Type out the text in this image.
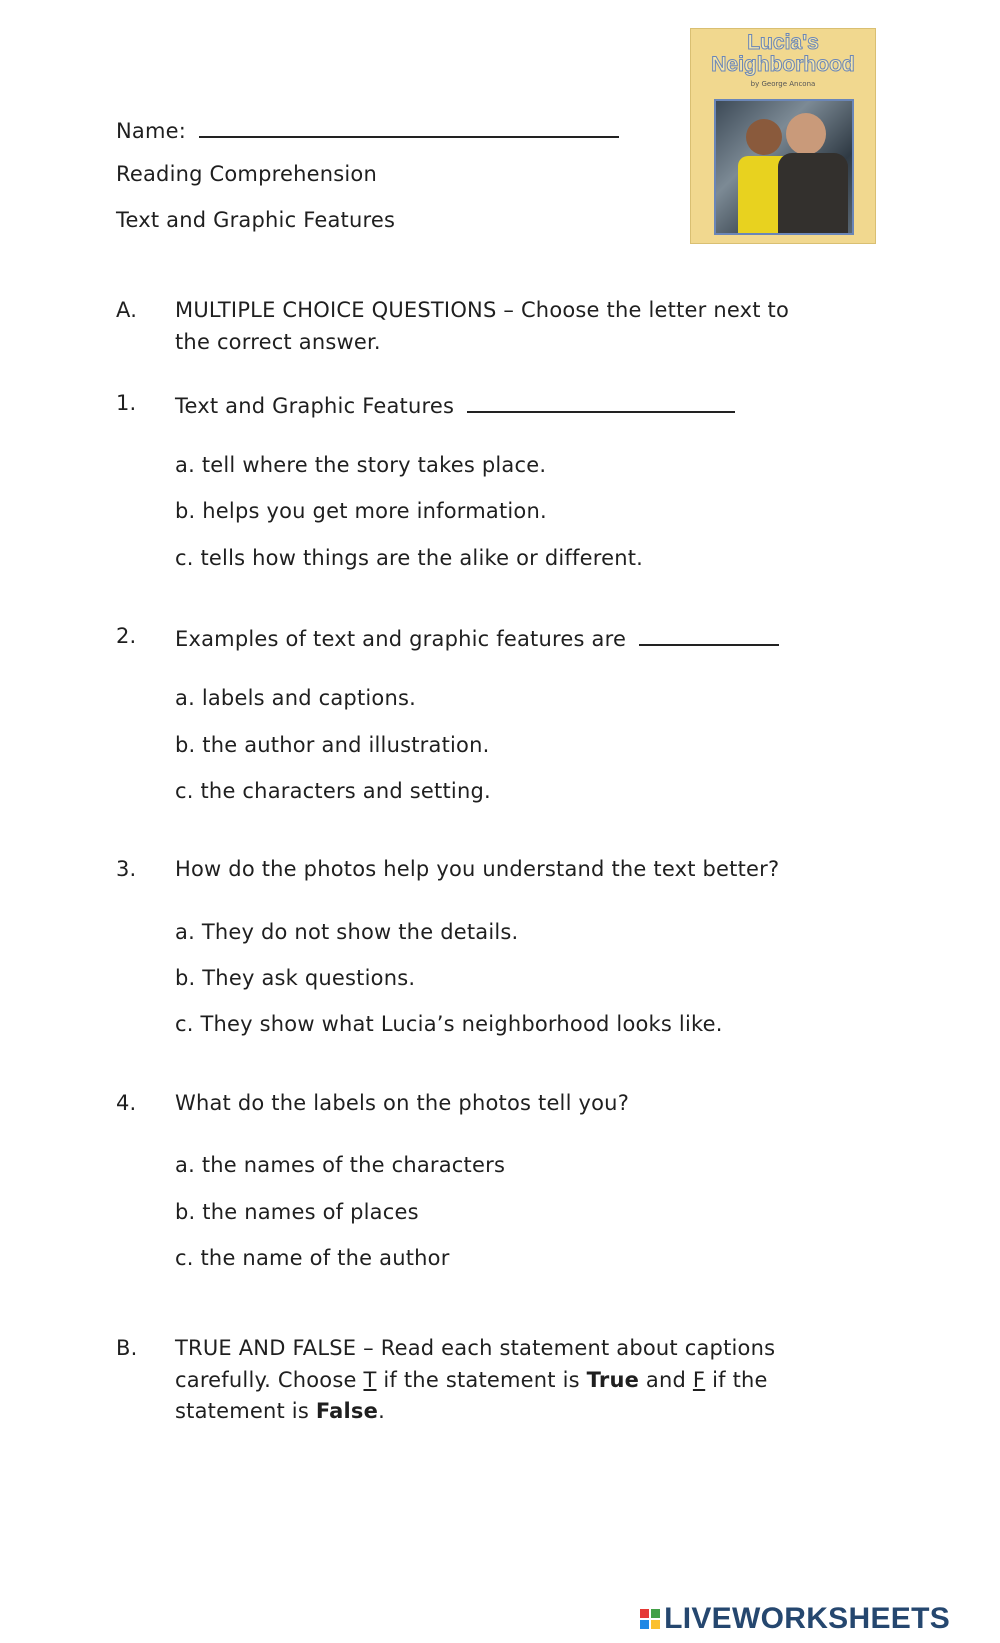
Name:
Reading Comprehension
Text and Graphic Features
Lucia's
Neighborhood
by George Ancona
A. MULTIPLE CHOICE QUESTIONS – Choose the letter next to
the correct answer.
1. Text and Graphic Features
a. tell where the story takes place.
b. helps you get more information.
c. tells how things are the alike or different.
2. Examples of text and graphic features are
a. labels and captions.
b. the author and illustration.
c. the characters and setting.
3. How do the photos help you understand the text better?
a. They do not show the details.
b. They ask questions.
c. They show what Lucia’s neighborhood looks like.
4. What do the labels on the photos tell you?
a. the names of the characters
b. the names of places
c. the name of the author
B. TRUE AND FALSE – Read each statement about captions
carefully. Choose T if the statement is True and F if the
statement is False.
LIVEWORKSHEETS
